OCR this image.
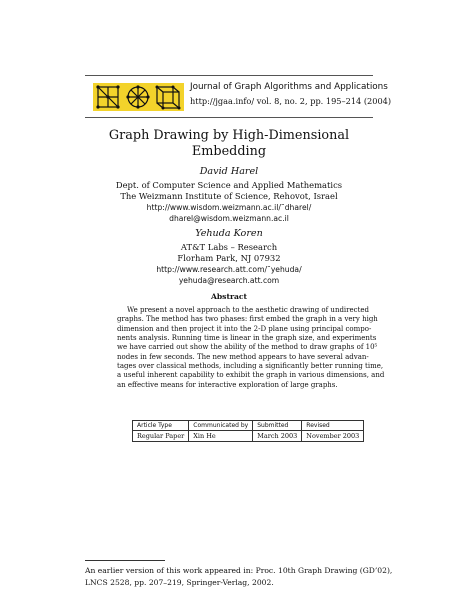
Journal of Graph Algorithms and Applications
http://jgaa.info/ vol. 8, no. 2, pp. 195–214 (2004)
Graph Drawing by High-Dimensional
Embedding
David Harel
Dept. of Computer Science and Applied Mathematics
The Weizmann Institute of Science, Rehovot, Israel
http://www.wisdom.weizmann.ac.il/˜dharel/
dharel@wisdom.weizmann.ac.il
Yehuda Koren
AT&T Labs – Research
Florham Park, NJ 07932
http://www.research.att.com/˜yehuda/
yehuda@research.att.com
Abstract
We present a novel approach to the aesthetic drawing of undirected
graphs. The method has two phases: first embed the graph in a very high
dimension and then project it into the 2-D plane using principal compo-
nents analysis. Running time is linear in the graph size, and experiments
we have carried out show the ability of the method to draw graphs of 10⁵
nodes in few seconds. The new method appears to have several advan-
tages over classical methods, including a significantly better running time,
a useful inherent capability to exhibit the graph in various dimensions, and
an effective means for interactive exploration of large graphs.
Article Type	Communicated by	Submitted	Revised
Regular Paper	Xin He	March 2003	November 2003
An earlier version of this work appeared in: Proc. 10th Graph Drawing (GD’02),
LNCS 2528, pp. 207–219, Springer-Verlag, 2002.
